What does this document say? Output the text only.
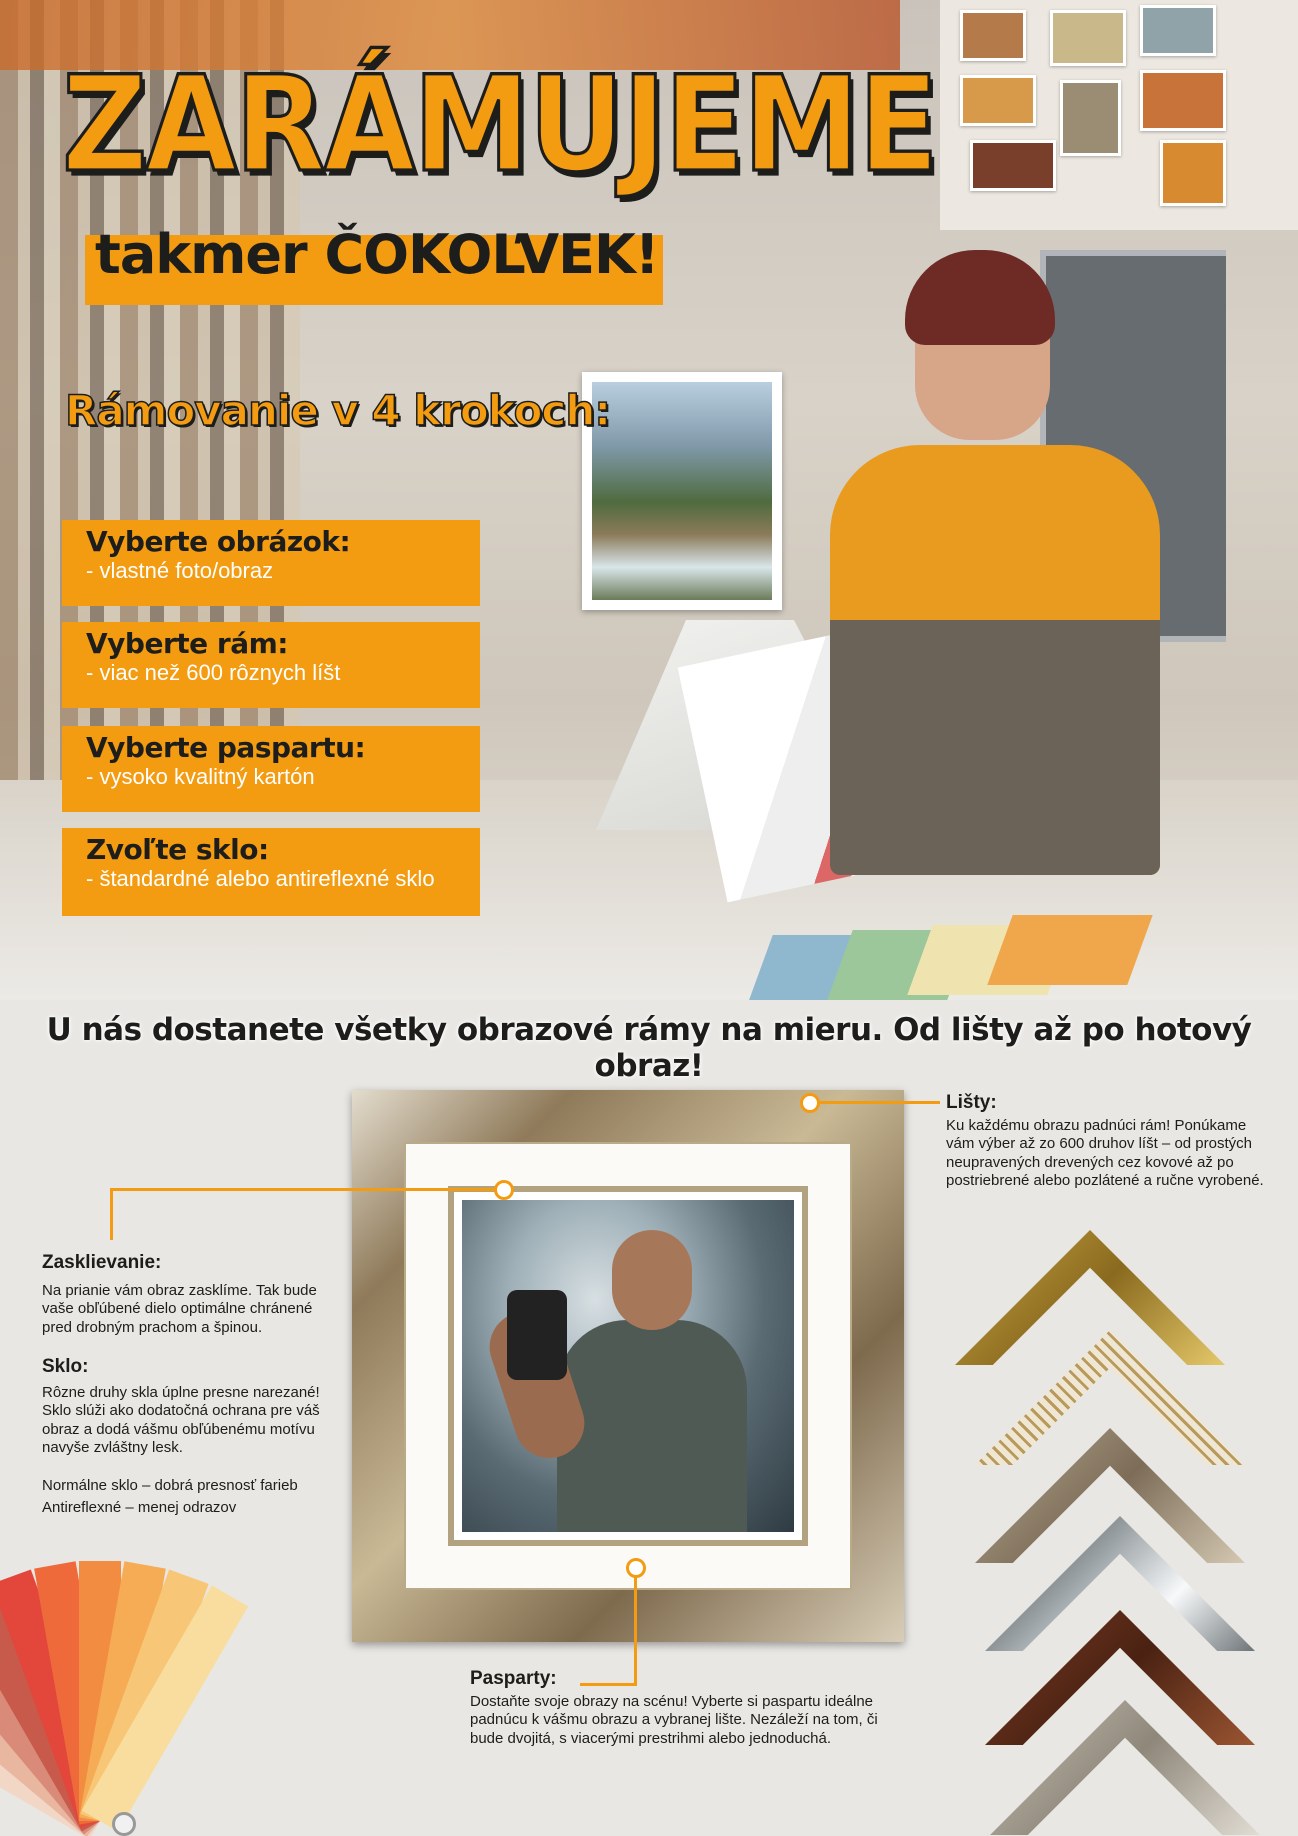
ZARÁMUJEME
takmer ČOKOĽVEK!
Rámovanie v 4 krokoch:
Vyberte obrázok:
- vlastné foto/obraz
Vyberte rám:
- viac než 600 rôznych líšt
Vyberte paspartu:
- vysoko kvalitný kartón
Zvoľte sklo:
- štandardné alebo antireflexné sklo
U nás dostanete všetky obrazové rámy na mieru. Od lišty až po hotový obraz!
Lišty:
Ku každému obrazu padnúci rám! Ponúkame vám výber až zo 600 druhov líšt – od prostých neupravených drevených cez kovové až po postriebrené alebo pozlátené a ručne vyrobené.
Zasklievanie:
Na prianie vám obraz zasklíme. Tak bude vaše obľúbené dielo optimálne chránené pred drobným prachom a špinou.
Sklo:
Rôzne druhy skla úplne presne narezané! Sklo slúži ako dodatočná ochrana pre váš obraz a dodá vášmu obľúbenému motívu navyše zvláštny lesk.
Normálne sklo – dobrá presnosť farieb
Antireflexné – menej odrazov
Pasparty:
Dostaňte svoje obrazy na scénu! Vyberte si paspartu ideálne padnúcu k vášmu obrazu a vybranej lište. Nezáleží na tom, či bude dvojitá, s viacerými prestrihmi alebo jednoduchá.
